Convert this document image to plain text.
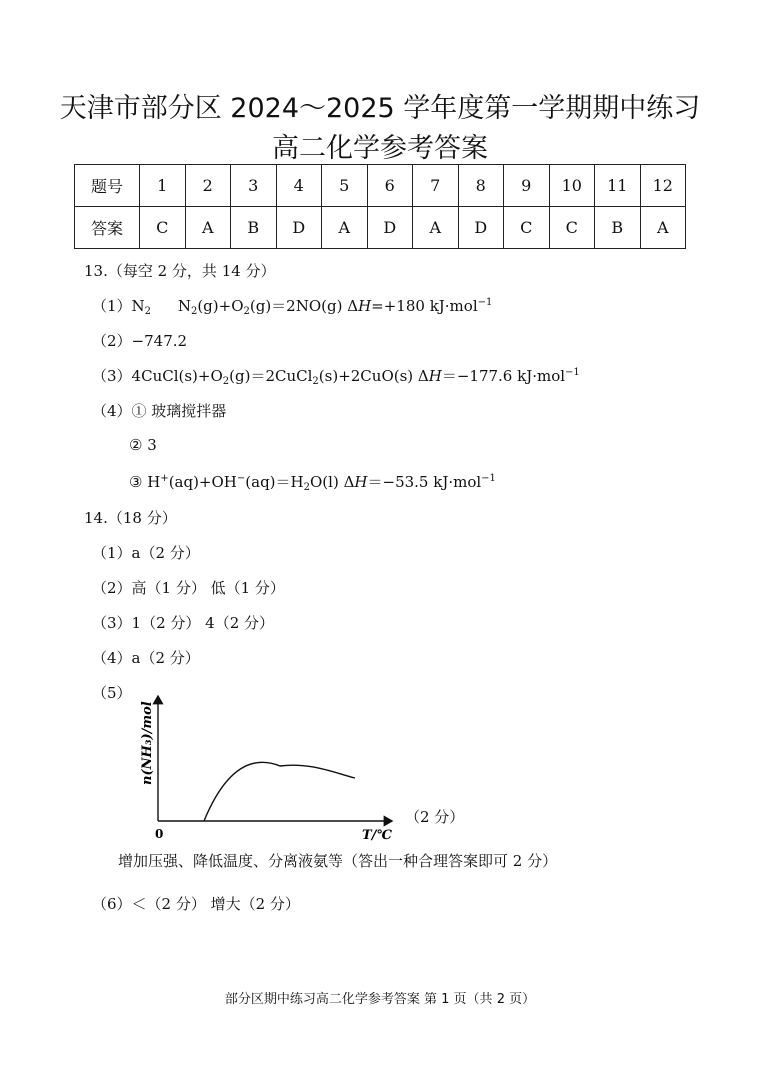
天津市部分区 2024～2025 学年度第一学期期中练习
高二化学参考答案
题号	1	2	3	4	5	6	7	8	9	10	11	12
答案	C	A	B	D	A	D	A	D	C	C	B	A
13.（每空 2 分，共 14 分）
$(1)N_2$ $N_2(g)+O_2(g)=2NO(g)$ ΔH=+180 kJ·mol$^{-1}$
（2）−747.2
$(3)4CuCl(s)+O_2(g)=2CuCl_2(s)+2CuO(s)$ ΔH＝−177.6 kJ·mol$^{-1}$
（4）① 玻璃搅拌器
② 3
③ $H^+(aq)+OH^-(aq)=H_2O(l)$ ΔH＝−53.5 kJ·mol$^{-1}$
14.（18 分）
（1）a（2 分）
（2）高（1 分） 低（1 分）
（3）1（2 分） 4（2 分）
（4）a（2 分）
（5）
n(NH₃)/mol
0	T/℃
（2 分）
增加压强、降低温度、分离液氨等（答出一种合理答案即可 2 分）
（6）＜（2 分） 增大（2 分）
部分区期中练习高二化学参考答案 第 1 页（共 2 页）
